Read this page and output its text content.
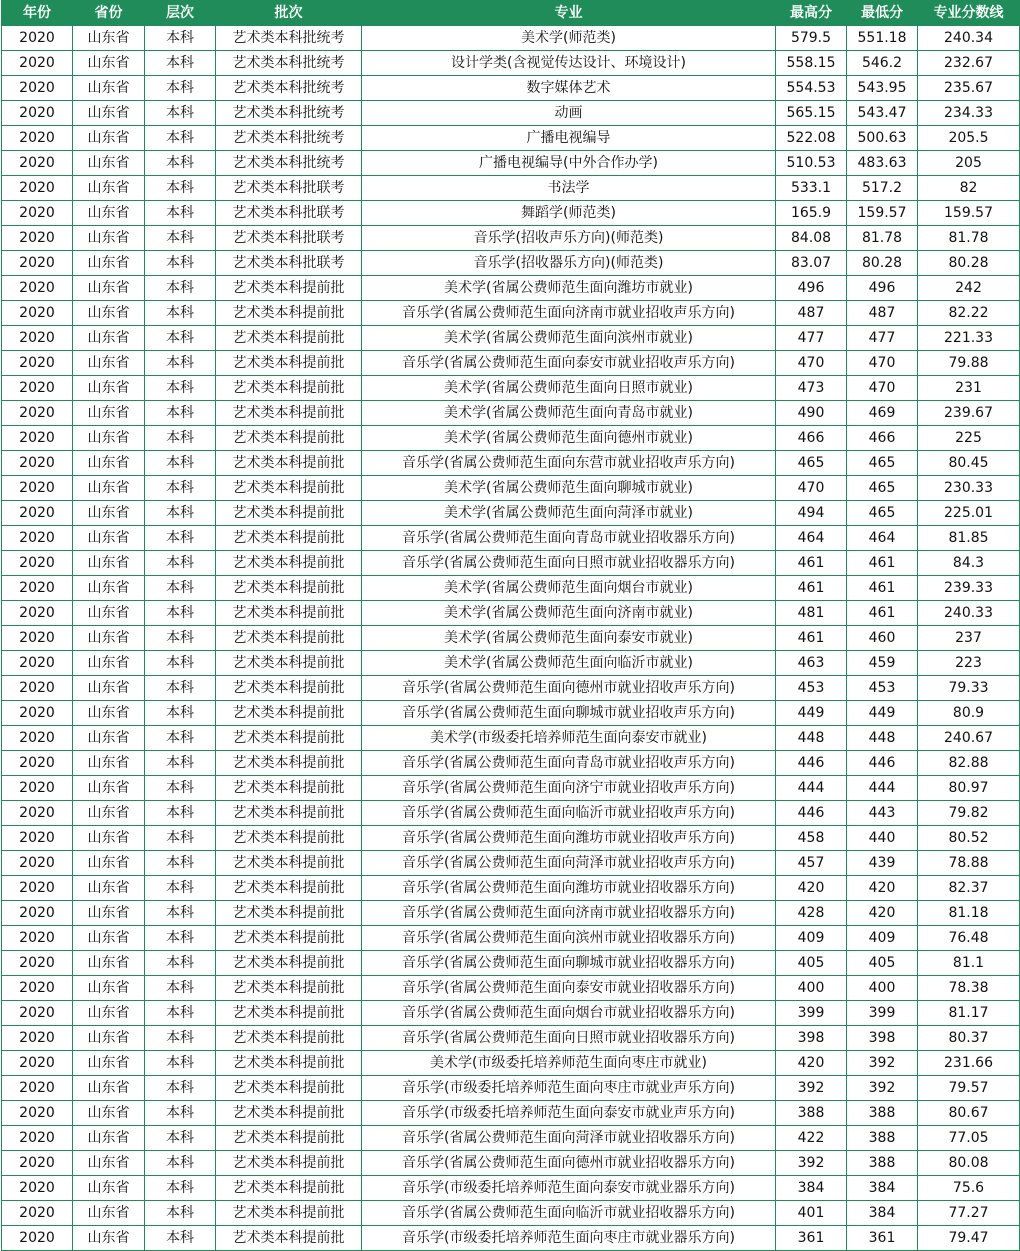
年份	省份	层次	批次	专业	最高分	最低分	专业分数线
2020	山东省	本科	艺术类本科批统考	美术学(师范类)	579.5	551.18	240.34
2020	山东省	本科	艺术类本科批统考	设计学类(含视觉传达设计、环境设计)	558.15	546.2	232.67
2020	山东省	本科	艺术类本科批统考	数字媒体艺术	554.53	543.95	235.67
2020	山东省	本科	艺术类本科批统考	动画	565.15	543.47	234.33
2020	山东省	本科	艺术类本科批统考	广播电视编导	522.08	500.63	205.5
2020	山东省	本科	艺术类本科批统考	广播电视编导(中外合作办学)	510.53	483.63	205
2020	山东省	本科	艺术类本科批联考	书法学	533.1	517.2	82
2020	山东省	本科	艺术类本科批联考	舞蹈学(师范类)	165.9	159.57	159.57
2020	山东省	本科	艺术类本科批联考	音乐学(招收声乐方向)(师范类)	84.08	81.78	81.78
2020	山东省	本科	艺术类本科批联考	音乐学(招收器乐方向)(师范类)	83.07	80.28	80.28
2020	山东省	本科	艺术类本科提前批	美术学(省属公费师范生面向潍坊市就业)	496	496	242
2020	山东省	本科	艺术类本科提前批	音乐学(省属公费师范生面向济南市就业招收声乐方向)	487	487	82.22
2020	山东省	本科	艺术类本科提前批	美术学(省属公费师范生面向滨州市就业)	477	477	221.33
2020	山东省	本科	艺术类本科提前批	音乐学(省属公费师范生面向泰安市就业招收声乐方向)	470	470	79.88
2020	山东省	本科	艺术类本科提前批	美术学(省属公费师范生面向日照市就业)	473	470	231
2020	山东省	本科	艺术类本科提前批	美术学(省属公费师范生面向青岛市就业)	490	469	239.67
2020	山东省	本科	艺术类本科提前批	美术学(省属公费师范生面向德州市就业)	466	466	225
2020	山东省	本科	艺术类本科提前批	音乐学(省属公费师范生面向东营市就业招收声乐方向)	465	465	80.45
2020	山东省	本科	艺术类本科提前批	美术学(省属公费师范生面向聊城市就业)	470	465	230.33
2020	山东省	本科	艺术类本科提前批	美术学(省属公费师范生面向菏泽市就业)	494	465	225.01
2020	山东省	本科	艺术类本科提前批	音乐学(省属公费师范生面向青岛市就业招收器乐方向)	464	464	81.85
2020	山东省	本科	艺术类本科提前批	音乐学(省属公费师范生面向日照市就业招收器乐方向)	461	461	84.3
2020	山东省	本科	艺术类本科提前批	美术学(省属公费师范生面向烟台市就业)	461	461	239.33
2020	山东省	本科	艺术类本科提前批	美术学(省属公费师范生面向济南市就业)	481	461	240.33
2020	山东省	本科	艺术类本科提前批	美术学(省属公费师范生面向泰安市就业)	461	460	237
2020	山东省	本科	艺术类本科提前批	美术学(省属公费师范生面向临沂市就业)	463	459	223
2020	山东省	本科	艺术类本科提前批	音乐学(省属公费师范生面向德州市就业招收声乐方向)	453	453	79.33
2020	山东省	本科	艺术类本科提前批	音乐学(省属公费师范生面向聊城市就业招收声乐方向)	449	449	80.9
2020	山东省	本科	艺术类本科提前批	美术学(市级委托培养师范生面向泰安市就业)	448	448	240.67
2020	山东省	本科	艺术类本科提前批	音乐学(省属公费师范生面向青岛市就业招收声乐方向)	446	446	82.88
2020	山东省	本科	艺术类本科提前批	音乐学(省属公费师范生面向济宁市就业招收声乐方向)	444	444	80.97
2020	山东省	本科	艺术类本科提前批	音乐学(省属公费师范生面向临沂市就业招收声乐方向)	446	443	79.82
2020	山东省	本科	艺术类本科提前批	音乐学(省属公费师范生面向潍坊市就业招收声乐方向)	458	440	80.52
2020	山东省	本科	艺术类本科提前批	音乐学(省属公费师范生面向菏泽市就业招收声乐方向)	457	439	78.88
2020	山东省	本科	艺术类本科提前批	音乐学(省属公费师范生面向潍坊市就业招收器乐方向)	420	420	82.37
2020	山东省	本科	艺术类本科提前批	音乐学(省属公费师范生面向济南市就业招收器乐方向)	428	420	81.18
2020	山东省	本科	艺术类本科提前批	音乐学(省属公费师范生面向滨州市就业招收器乐方向)	409	409	76.48
2020	山东省	本科	艺术类本科提前批	音乐学(省属公费师范生面向聊城市就业招收器乐方向)	405	405	81.1
2020	山东省	本科	艺术类本科提前批	音乐学(省属公费师范生面向泰安市就业招收器乐方向)	400	400	78.38
2020	山东省	本科	艺术类本科提前批	音乐学(省属公费师范生面向烟台市就业招收器乐方向)	399	399	81.17
2020	山东省	本科	艺术类本科提前批	音乐学(省属公费师范生面向日照市就业招收器乐方向)	398	398	80.37
2020	山东省	本科	艺术类本科提前批	美术学(市级委托培养师范生面向枣庄市就业)	420	392	231.66
2020	山东省	本科	艺术类本科提前批	音乐学(市级委托培养师范生面向枣庄市就业声乐方向)	392	392	79.57
2020	山东省	本科	艺术类本科提前批	音乐学(市级委托培养师范生面向泰安市就业声乐方向)	388	388	80.67
2020	山东省	本科	艺术类本科提前批	音乐学(省属公费师范生面向菏泽市就业招收器乐方向)	422	388	77.05
2020	山东省	本科	艺术类本科提前批	音乐学(省属公费师范生面向德州市就业招收器乐方向)	392	388	80.08
2020	山东省	本科	艺术类本科提前批	音乐学(市级委托培养师范生面向泰安市就业器乐方向)	384	384	75.6
2020	山东省	本科	艺术类本科提前批	音乐学(省属公费师范生面向临沂市就业招收器乐方向)	401	384	77.27
2020	山东省	本科	艺术类本科提前批	音乐学(市级委托培养师范生面向枣庄市就业器乐方向)	361	361	79.47
